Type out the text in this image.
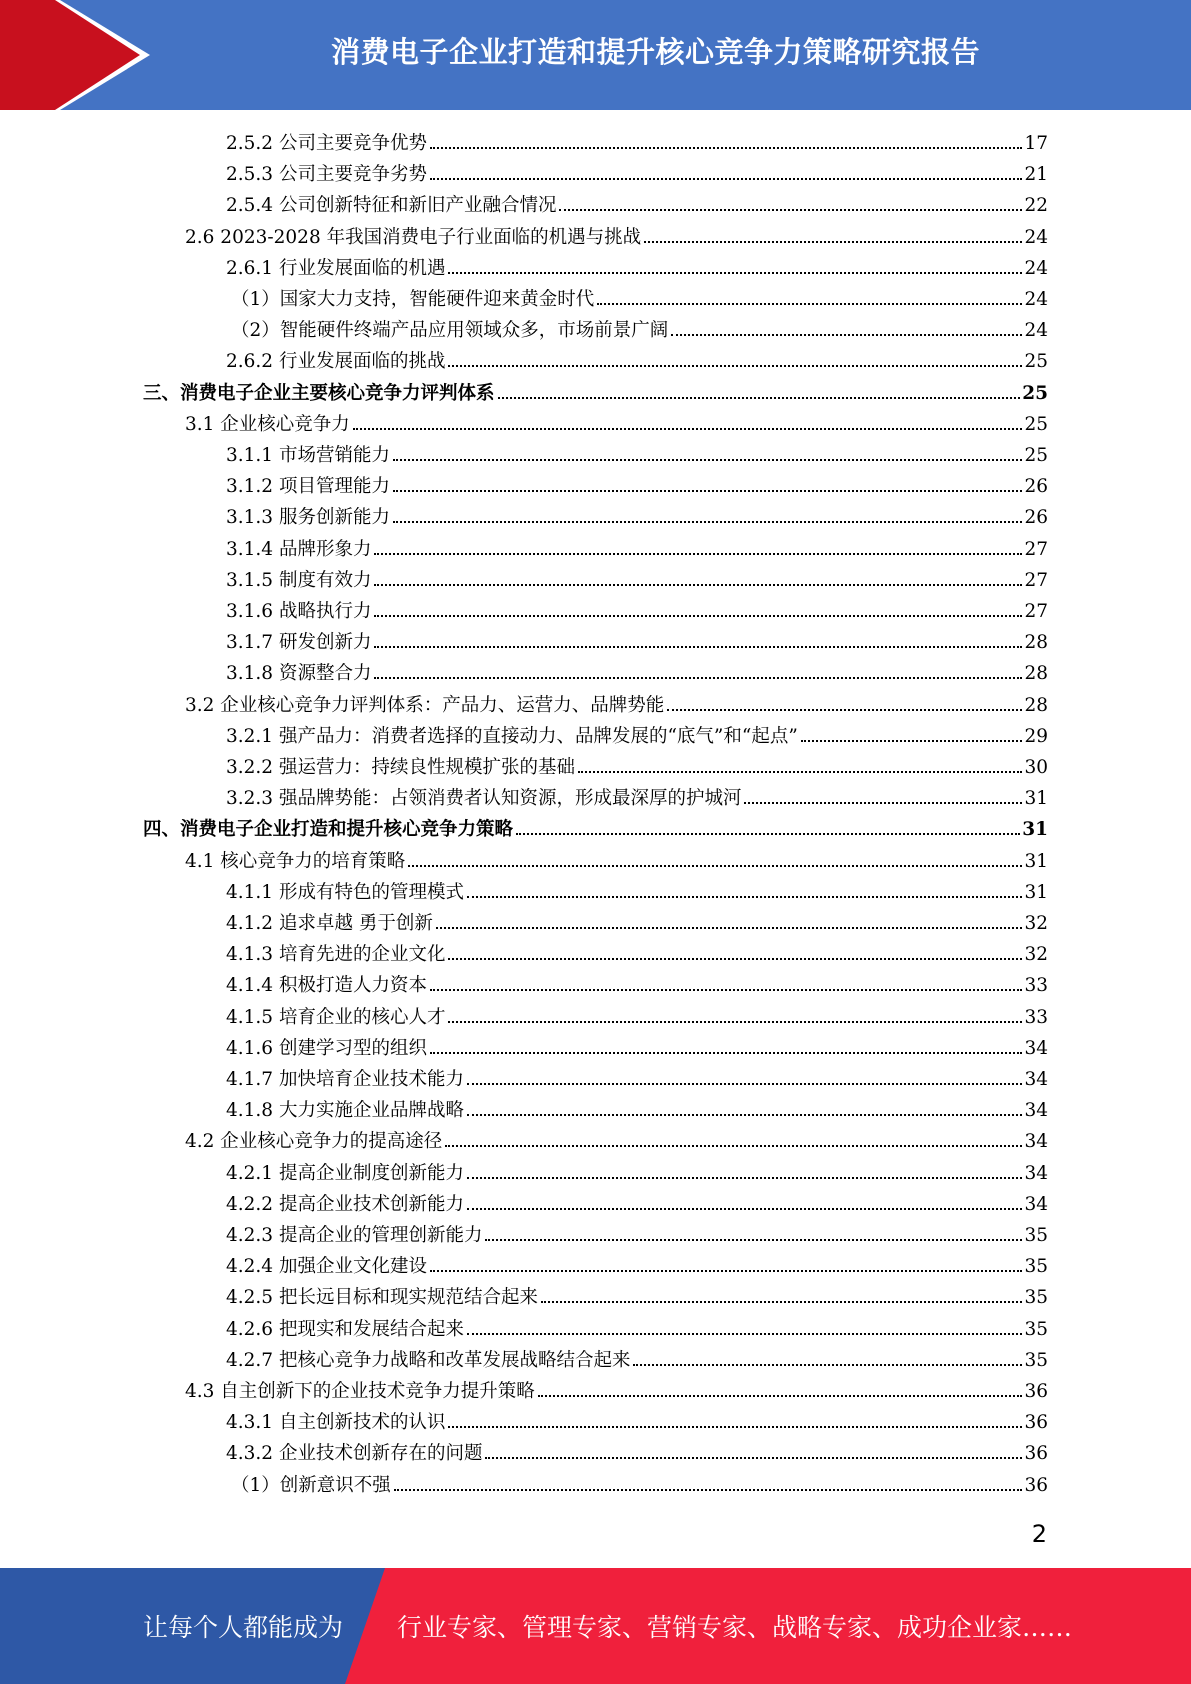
消费电子企业打造和提升核心竞争力策略研究报告
2.5.2 公司主要竞争优势	17
2.5.3 公司主要竞争劣势	21
2.5.4 公司创新特征和新旧产业融合情况	22
2.6 2023-2028 年我国消费电子行业面临的机遇与挑战	24
2.6.1 行业发展面临的机遇	24
（1）国家大力支持，智能硬件迎来黄金时代	24
（2）智能硬件终端产品应用领域众多，市场前景广阔	24
2.6.2 行业发展面临的挑战	25
三、消费电子企业主要核心竞争力评判体系	25
3.1 企业核心竞争力	25
3.1.1 市场营销能力	25
3.1.2 项目管理能力	26
3.1.3 服务创新能力	26
3.1.4 品牌形象力	27
3.1.5 制度有效力	27
3.1.6 战略执行力	27
3.1.7 研发创新力	28
3.1.8 资源整合力	28
3.2 企业核心竞争力评判体系：产品力、运营力、品牌势能	28
3.2.1 强产品力：消费者选择的直接动力、品牌发展的“底气”和“起点”	29
3.2.2 强运营力：持续良性规模扩张的基础	30
3.2.3 强品牌势能：占领消费者认知资源，形成最深厚的护城河	31
四、消费电子企业打造和提升核心竞争力策略	31
4.1 核心竞争力的培育策略	31
4.1.1 形成有特色的管理模式	31
4.1.2 追求卓越 勇于创新	32
4.1.3 培育先进的企业文化	32
4.1.4 积极打造人力资本	33
4.1.5 培育企业的核心人才	33
4.1.6 创建学习型的组织	34
4.1.7 加快培育企业技术能力	34
4.1.8 大力实施企业品牌战略	34
4.2 企业核心竞争力的提高途径	34
4.2.1 提高企业制度创新能力	34
4.2.2 提高企业技术创新能力	34
4.2.3 提高企业的管理创新能力	35
4.2.4 加强企业文化建设	35
4.2.5 把长远目标和现实规范结合起来	35
4.2.6 把现实和发展结合起来	35
4.2.7 把核心竞争力战略和改革发展战略结合起来	35
4.3 自主创新下的企业技术竞争力提升策略	36
4.3.1 自主创新技术的认识	36
4.3.2 企业技术创新存在的问题	36
（1）创新意识不强	36
2
让每个人都能成为 行业专家、管理专家、营销专家、战略专家、成功企业家……
